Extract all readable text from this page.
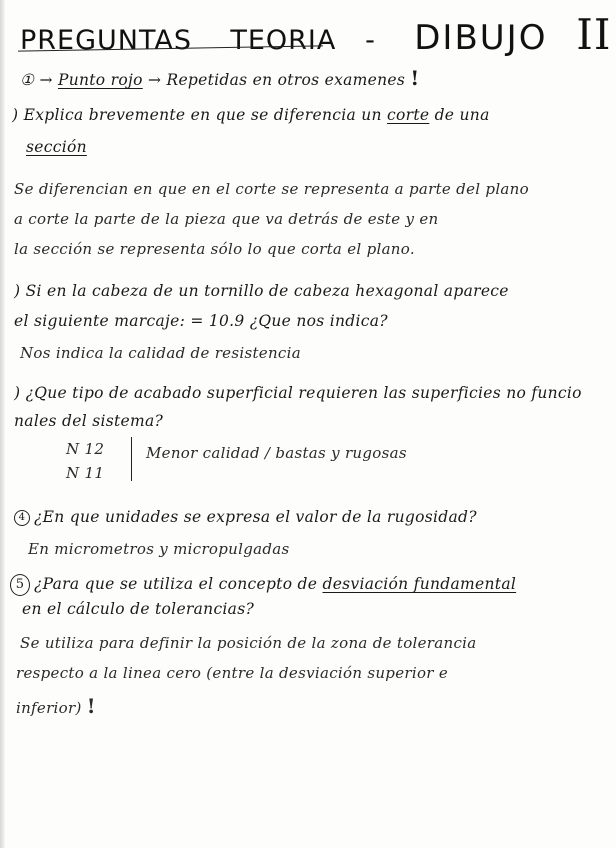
PREGUNTAS TEORIA - DIBUJO II
① → Punto rojo → Repetidas en otros examenes !
) Explica brevemente en que se diferencia un corte de una
sección
Se diferencian en que en el corte se representa a parte del plano
a corte la parte de la pieza que va detrás de este y en
la sección se representa sólo lo que corta el plano.
) Si en la cabeza de un tornillo de cabeza hexagonal aparece
el siguiente marcaje: = 10.9 ¿Que nos indica?
Nos indica la calidad de resistencia
) ¿Que tipo de acabado superficial requieren las superficies no funcio
nales del sistema?
N 12
N 11
Menor calidad / bastas y rugosas
4 ¿En que unidades se expresa el valor de la rugosidad?
En micrometros y micropulgadas
5 ¿Para que se utiliza el concepto de desviación fundamental
en el cálculo de tolerancias?
Se utiliza para definir la posición de la zona de tolerancia
respecto a la linea cero (entre la desviación superior e
inferior) !
